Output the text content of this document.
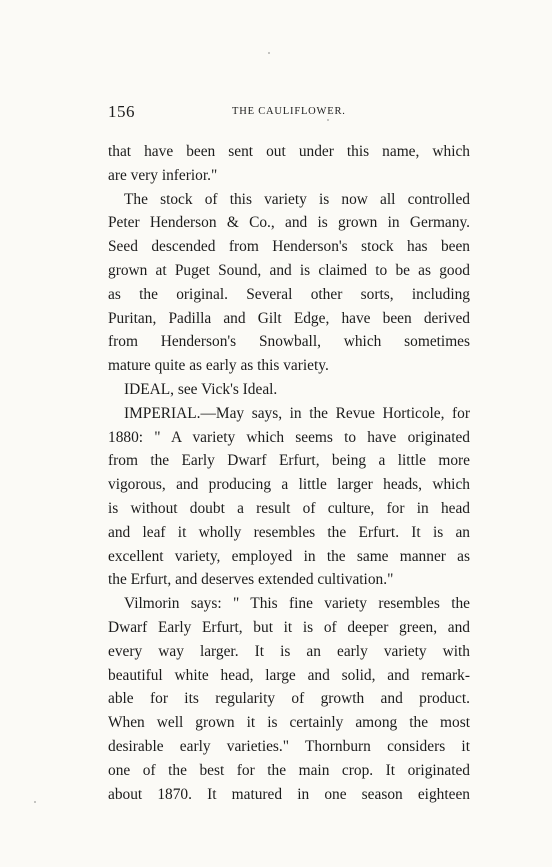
156	THE CAULIFLOWER.
that have been sent out under this name, which
are very inferior."
The stock of this variety is now all controlled
Peter Henderson & Co., and is grown in Germany.
Seed descended from Henderson's stock has been
grown at Puget Sound, and is claimed to be as good
as the original. Several other sorts, including
Puritan, Padilla and Gilt Edge, have been derived
from Henderson's Snowball, which sometimes
mature quite as early as this variety.
IDEAL, see Vick's Ideal.
IMPERIAL.—May says, in the Revue Horticole, for
1880: " A variety which seems to have originated
from the Early Dwarf Erfurt, being a little more
vigorous, and producing a little larger heads, which
is without doubt a result of culture, for in head
and leaf it wholly resembles the Erfurt. It is an
excellent variety, employed in the same manner as
the Erfurt, and deserves extended cultivation."
Vilmorin says: " This fine variety resembles the
Dwarf Early Erfurt, but it is of deeper green, and
every way larger. It is an early variety with
beautiful white head, large and solid, and remark-
able for its regularity of growth and product.
When well grown it is certainly among the most
desirable early varieties." Thornburn considers it
one of the best for the main crop. It originated
about 1870. It matured in one season eighteen
